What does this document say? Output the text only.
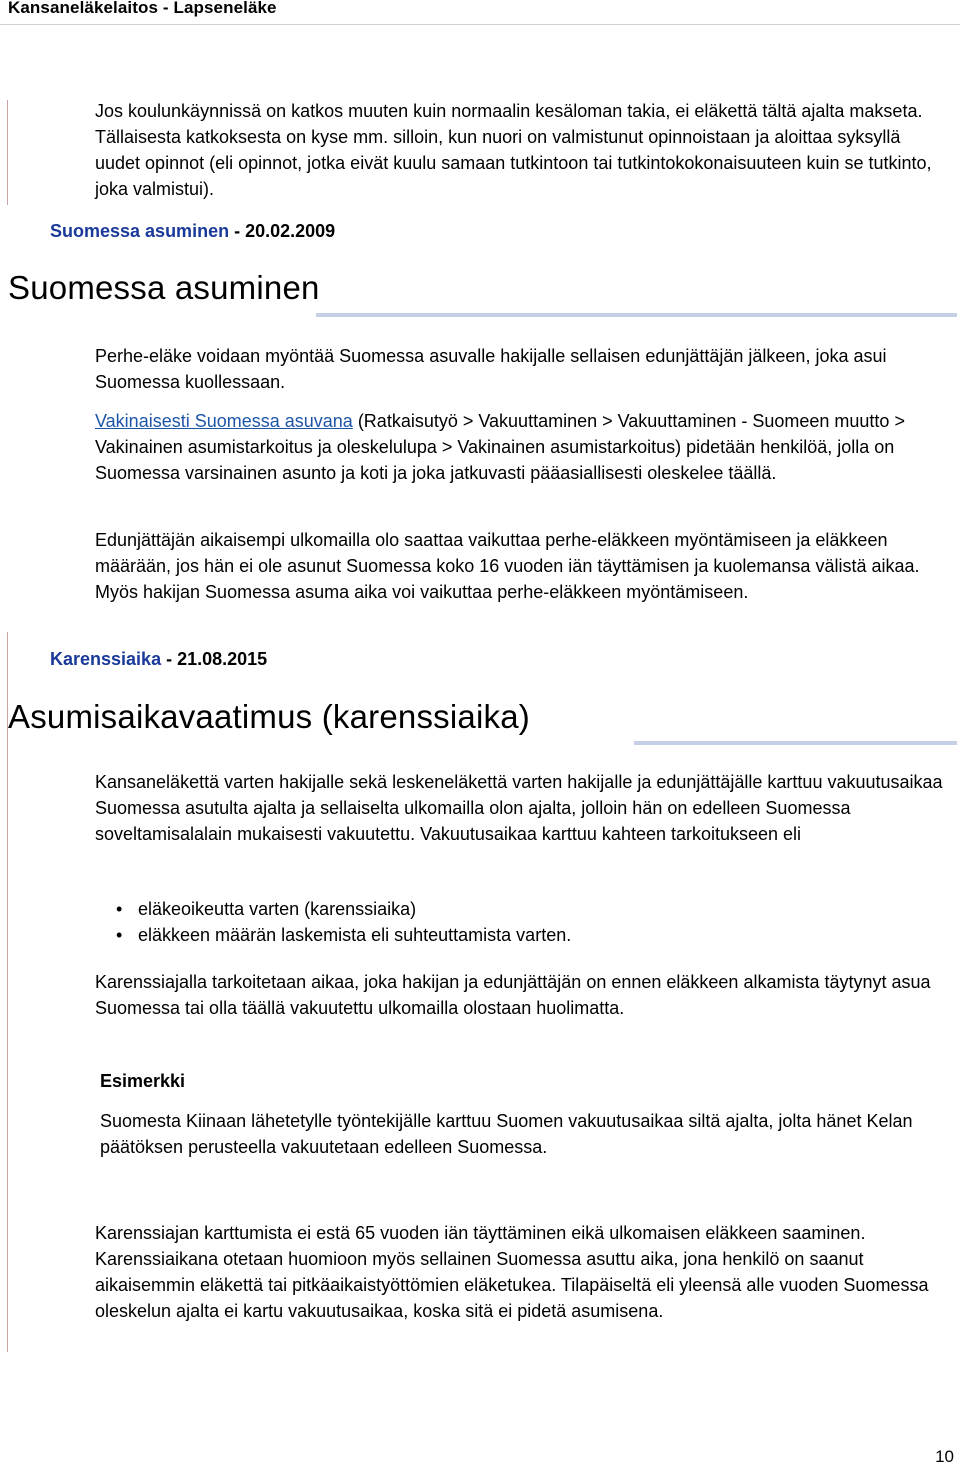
Kansaneläkelaitos - Lapseneläke
Jos koulunkäynnissä on katkos muuten kuin normaalin kesäloman takia, ei eläkettä tältä ajalta makseta. Tällaisesta katkoksesta on kyse mm. silloin, kun nuori on valmistunut opinnoistaan ja aloittaa syksyllä uudet opinnot (eli opinnot, jotka eivät kuulu samaan tutkintoon tai tutkintokokonaisuuteen kuin se tutkinto, joka valmistui).
Suomessa asuminen - 20.02.2009
Suomessa asuminen
Perhe-eläke voidaan myöntää Suomessa asuvalle hakijalle sellaisen edunjättäjän jälkeen, joka asui Suomessa kuollessaan.
Vakinaisesti Suomessa asuvana (Ratkaisutyö > Vakuuttaminen > Vakuuttaminen - Suomeen muutto > Vakinainen asumistarkoitus ja oleskelulupa > Vakinainen asumistarkoitus) pidetään henkilöä, jolla on Suomessa varsinainen asunto ja koti ja joka jatkuvasti pääasiallisesti oleskelee täällä.
Edunjättäjän aikaisempi ulkomailla olo saattaa vaikuttaa perhe-eläkkeen myöntämiseen ja eläkkeen määrään, jos hän ei ole asunut Suomessa koko 16 vuoden iän täyttämisen ja kuolemansa välistä aikaa. Myös hakijan Suomessa asuma aika voi vaikuttaa perhe-eläkkeen myöntämiseen.
Karenssiaika - 21.08.2015
Asumisaikavaatimus (karenssiaika)
Kansaneläkettä varten hakijalle sekä leskeneläkettä varten hakijalle ja edunjättäjälle karttuu vakuutusaikaa Suomessa asutulta ajalta ja sellaiselta ulkomailla olon ajalta, jolloin hän on edelleen Suomessa soveltamisalalain mukaisesti vakuutettu. Vakuutusaikaa karttuu kahteen tarkoitukseen eli
• eläkeoikeutta varten (karenssiaika)
• eläkkeen määrän laskemista eli suhteuttamista varten.
Karenssiajalla tarkoitetaan aikaa, joka hakijan ja edunjättäjän on ennen eläkkeen alkamista täytynyt asua Suomessa tai olla täällä vakuutettu ulkomailla olostaan huolimatta.
Esimerkki
Suomesta Kiinaan lähetetylle työntekijälle karttuu Suomen vakuutusaikaa siltä ajalta, jolta hänet Kelan päätöksen perusteella vakuutetaan edelleen Suomessa.
Karenssiajan karttumista ei estä 65 vuoden iän täyttäminen eikä ulkomaisen eläkkeen saaminen. Karenssiaikana otetaan huomioon myös sellainen Suomessa asuttu aika, jona henkilö on saanut aikaisemmin eläkettä tai pitkäaikaistyöttömien eläketukea. Tilapäiseltä eli yleensä alle vuoden Suomessa oleskelun ajalta ei kartu vakuutusaikaa, koska sitä ei pidetä asumisena.
10
